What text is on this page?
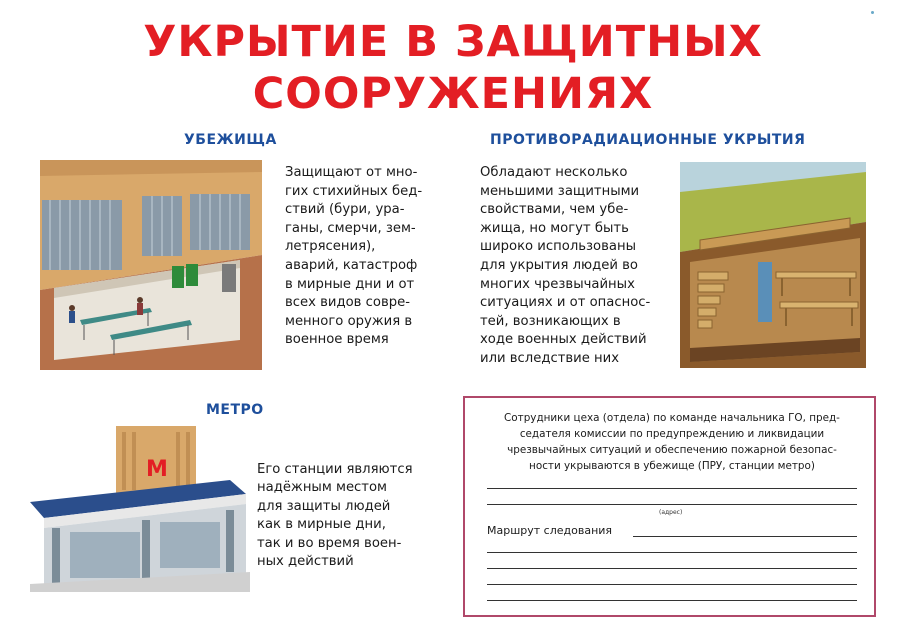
УКРЫТИЕ В ЗАЩИТНЫХ
СООРУЖЕНИЯХ
УБЕЖИЩА
Защищают от мно-
гих стихийных бед-
ствий (бури, ура-
ганы, смерчи, зем-
летрясения),
аварий, катастроф
в мирные дни и от
всех видов совре-
менного оружия в
военное время
ПРОТИВОРАДИАЦИОННЫЕ УКРЫТИЯ
Обладают несколько
меньшими защитными
свойствами, чем убе-
жища, но могут быть
широко использованы
для укрытия людей во
многих чрезвычайных
ситуациях и от опаснос-
тей, возникающих в
ходе военных действий
или вследствие них
МЕТРО
M	Его станции являются
надёжным местом
для защиты людей
как в мирные дни,
так и во время воен-
ных действий
Сотрудники цеха (отдела) по команде начальника ГО, пред-
седателя комиссии по предупреждению и ликвидации
чрезвычайных ситуаций и обеспечению пожарной безопас-
ности укрываются в убежище (ПРУ, станции метро)
(адрес)
Маршрут следования
